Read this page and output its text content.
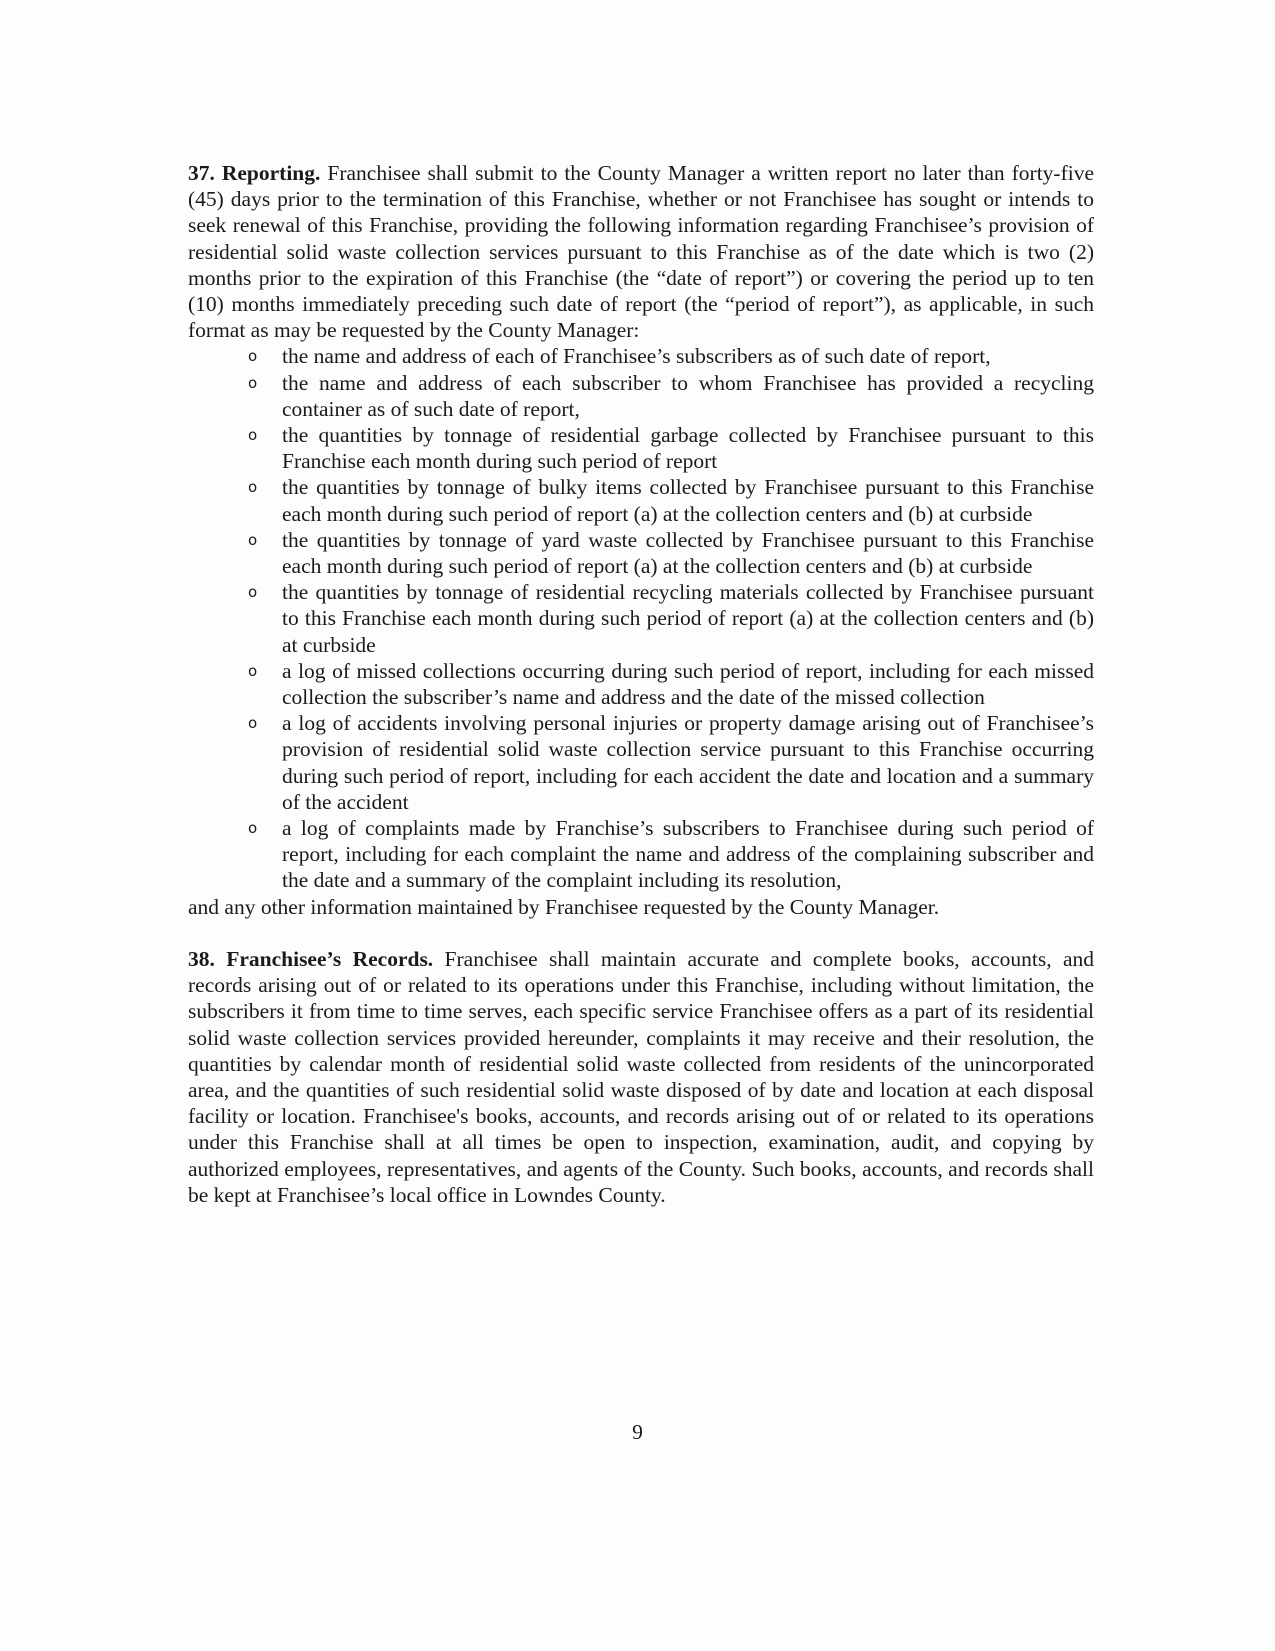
37. Reporting. Franchisee shall submit to the County Manager a written report no later than forty-five (45) days prior to the termination of this Franchise, whether or not Franchisee has sought or intends to seek renewal of this Franchise, providing the following information regarding Franchisee’s provision of residential solid waste collection services pursuant to this Franchise as of the date which is two (2) months prior to the expiration of this Franchise (the “date of report”) or covering the period up to ten (10) months immediately preceding such date of report (the “period of report”), as applicable, in such format as may be requested by the County Manager:

o the name and address of each of Franchisee’s subscribers as of such date of report,
o the name and address of each subscriber to whom Franchisee has provided a recycling container as of such date of report,
o the quantities by tonnage of residential garbage collected by Franchisee pursuant to this Franchise each month during such period of report
o the quantities by tonnage of bulky items collected by Franchisee pursuant to this Franchise each month during such period of report (a) at the collection centers and (b) at curbside
o the quantities by tonnage of yard waste collected by Franchisee pursuant to this Franchise each month during such period of report (a) at the collection centers and (b) at curbside
o the quantities by tonnage of residential recycling materials collected by Franchisee pursuant to this Franchise each month during such period of report (a) at the collection centers and (b) at curbside
o a log of missed collections occurring during such period of report, including for each missed collection the subscriber’s name and address and the date of the missed collection
o a log of accidents involving personal injuries or property damage arising out of Franchisee’s provision of residential solid waste collection service pursuant to this Franchise occurring during such period of report, including for each accident the date and location and a summary of the accident
o a log of complaints made by Franchise’s subscribers to Franchisee during such period of report, including for each complaint the name and address of the complaining subscriber and the date and a summary of the complaint including its resolution,

and any other information maintained by Franchisee requested by the County Manager.

38. Franchisee’s Records. Franchisee shall maintain accurate and complete books, accounts, and records arising out of or related to its operations under this Franchise, including without limitation, the subscribers it from time to time serves, each specific service Franchisee offers as a part of its residential solid waste collection services provided hereunder, complaints it may receive and their resolution, the quantities by calendar month of residential solid waste collected from residents of the unincorporated area, and the quantities of such residential solid waste disposed of by date and location at each disposal facility or location. Franchisee's books, accounts, and records arising out of or related to its operations under this Franchise shall at all times be open to inspection, examination, audit, and copying by authorized employees, representatives, and agents of the County. Such books, accounts, and records shall be kept at Franchisee’s local office in Lowndes County.

9
